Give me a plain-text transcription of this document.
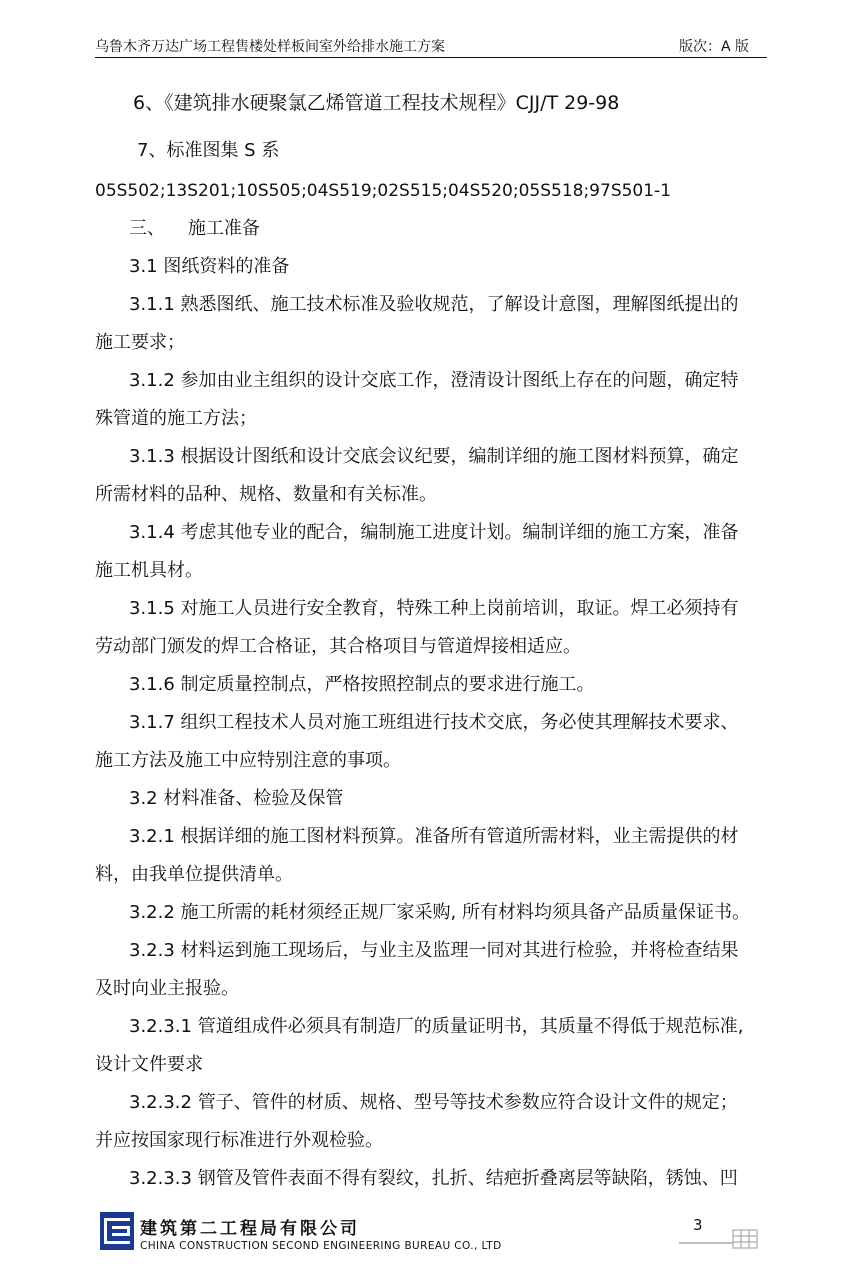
乌鲁木齐万达广场工程售楼处样板间室外给排水施工方案	版次：A 版
6、《建筑排水硬聚氯乙烯管道工程技术规程》CJJ/T 29-98
7、标准图集 S 系
05S502;13S201;10S505;04S519;02S515;04S520;05S518;97S501-1
三、    施工准备
3.1 图纸资料的准备
3.1.1 熟悉图纸、施工技术标准及验收规范，了解设计意图，理解图纸提出的
施工要求；
3.1.2 参加由业主组织的设计交底工作，澄清设计图纸上存在的问题，确定特
殊管道的施工方法；
3.1.3 根据设计图纸和设计交底会议纪要，编制详细的施工图材料预算，确定
所需材料的品种、规格、数量和有关标准。
3.1.4 考虑其他专业的配合，编制施工进度计划。编制详细的施工方案，准备
施工机具材。
3.1.5 对施工人员进行安全教育，特殊工种上岗前培训，取证。焊工必须持有
劳动部门颁发的焊工合格证，其合格项目与管道焊接相适应。
3.1.6 制定质量控制点，严格按照控制点的要求进行施工。
3.1.7 组织工程技术人员对施工班组进行技术交底，务必使其理解技术要求、
施工方法及施工中应特别注意的事项。
3.2 材料准备、检验及保管
3.2.1 根据详细的施工图材料预算。准备所有管道所需材料，业主需提供的材
料，由我单位提供清单。
3.2.2 施工所需的耗材须经正规厂家采购, 所有材料均须具备产品质量保证书。
3.2.3 材料运到施工现场后，与业主及监理一同对其进行检验，并将检查结果
及时向业主报验。
3.2.3.1 管道组成件必须具有制造厂的质量证明书，其质量不得低于规范标准,
设计文件要求
3.2.3.2 管子、管件的材质、规格、型号等技术参数应符合设计文件的规定；
并应按国家现行标准进行外观检验。
3.2.3.3 钢管及管件表面不得有裂纹，扎折、结疤折叠离层等缺陷，锈蚀、凹
建筑第二工程局有限公司
CHINA CONSTRUCTION SECOND ENGINEERING BUREAU CO., LTD
3
